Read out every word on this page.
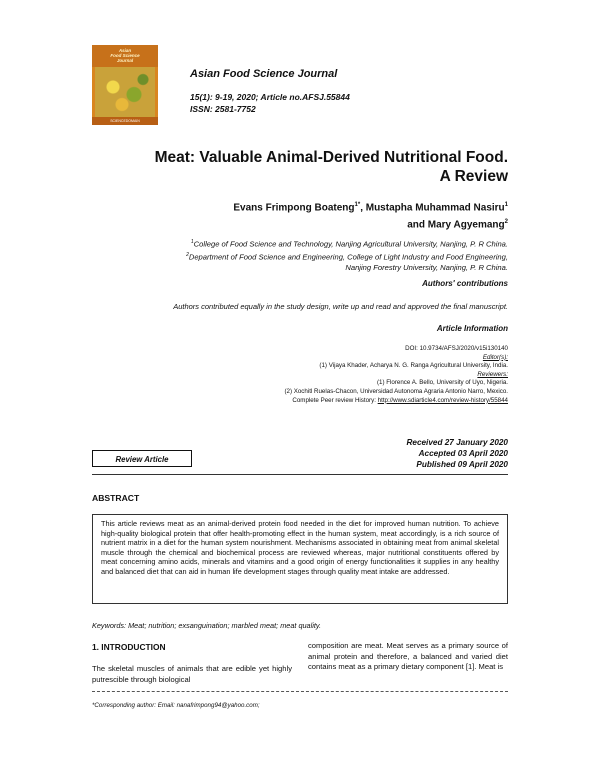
Asian
Food Science
Journal
SCIENCEDOMAIN
Asian Food Science Journal
15(1): 9-19, 2020; Article no.AFSJ.55844
ISSN: 2581-7752
Meat: Valuable Animal-Derived Nutritional Food.
A Review
Evans Frimpong Boateng$^{1*}$, Mustapha Muhammad Nasiru$^1$
and Mary Agyemang$^2$
$^1$College of Food Science and Technology, Nanjing Agricultural University, Nanjing, P. R China.
$^2$Department of Food Science and Engineering, College of Light Industry and Food Engineering,
Nanjing Forestry University, Nanjing, P. R China.
Authors' contributions
Authors contributed equally in the study design, write up and read and approved the final manuscript.
Article Information
DOI: 10.9734/AFSJ/2020/v15i130140
Editor(s):
(1) Vijaya Khader, Acharya N. G. Ranga Agricultural University, India.
Reviewers:
(1) Florence A. Bello, University of Uyo, Nigeria.
(2) Xochitl Ruelas-Chacon, Universidad Autonoma Agraria Antonio Narro, Mexico.
Complete Peer review History: http://www.sdiarticle4.com/review-history/55844
Received 27 January 2020
Accepted 03 April 2020
Published 09 April 2020
Review Article
ABSTRACT
This article reviews meat as an animal-derived protein food needed in the diet for improved human nutrition. To achieve high-quality biological protein that offer health-promoting effect in the human system, meat accordingly, is a rich source of nutrient matrix in a diet for the human system nourishment. Mechanisms associated in obtaining meat from animal skeletal muscle through the chemical and biochemical process are reviewed whereas, major nutritional constituents offered by meat concerning amino acids, minerals and vitamins and a good origin of energy functionalities it supplies in any healthy and balanced diet that can aid in human life development stages through quality meat intake are addressed.
Keywords: Meat; nutrition; exsanguination; marbled meat; meat quality.
1. INTRODUCTION
The skeletal muscles of animals that are edible yet highly putrescible through biological
composition are meat. Meat serves as a primary source of animal protein and therefore, a balanced and varied diet contains meat as a primary dietary component [1]. Meat is
*Corresponding author: Email: nanafrimpong94@yahoo.com;
